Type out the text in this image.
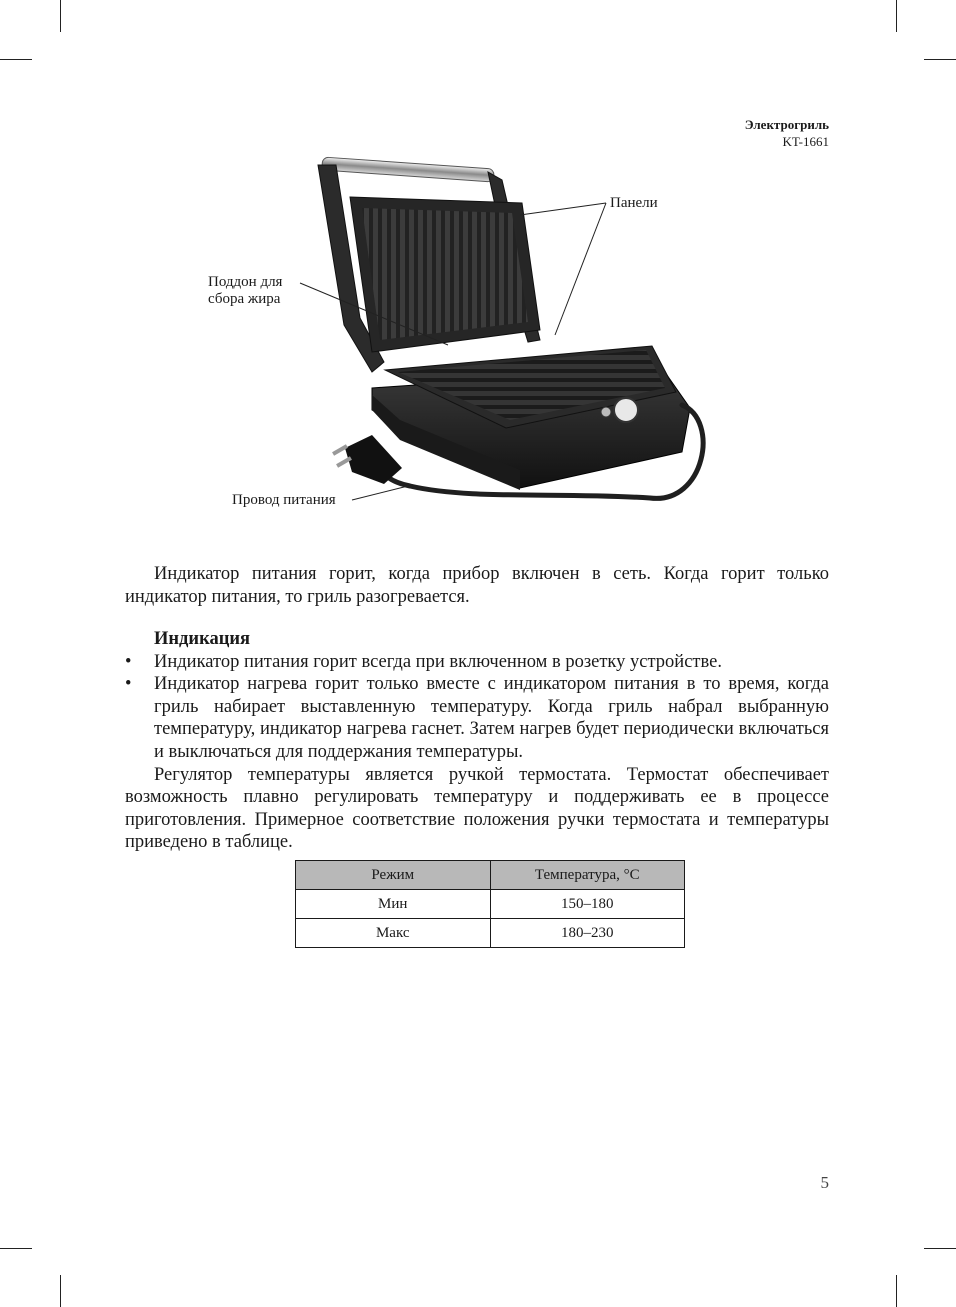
Электрогриль
KT-1661
Панели
Поддон для
сбора жира
Провод питания

Индикатор питания горит, когда прибор включен в сеть. Когда горит только индикатор питания, то гриль разогревается.

Индикация
• Индикатор питания горит всегда при включенном в розетку устройстве.
• Индикатор нагрева горит только вместе с индикатором питания в то время, когда гриль набирает выставленную температуру. Когда гриль набрал выбранную температуру, индикатор нагрева гаснет. Затем нагрев будет периодически включаться и выключаться для поддержания температуры.

Регулятор температуры является ручкой термостата. Термостат обеспечивает возможность плавно регулировать температуру и поддерживать ее в процессе приготовления. Примерное соответствие положения ручки термостата и температуры приведено в таблице.

Режим	Температура, °С
Мин	150–180
Макс	180–230
5
